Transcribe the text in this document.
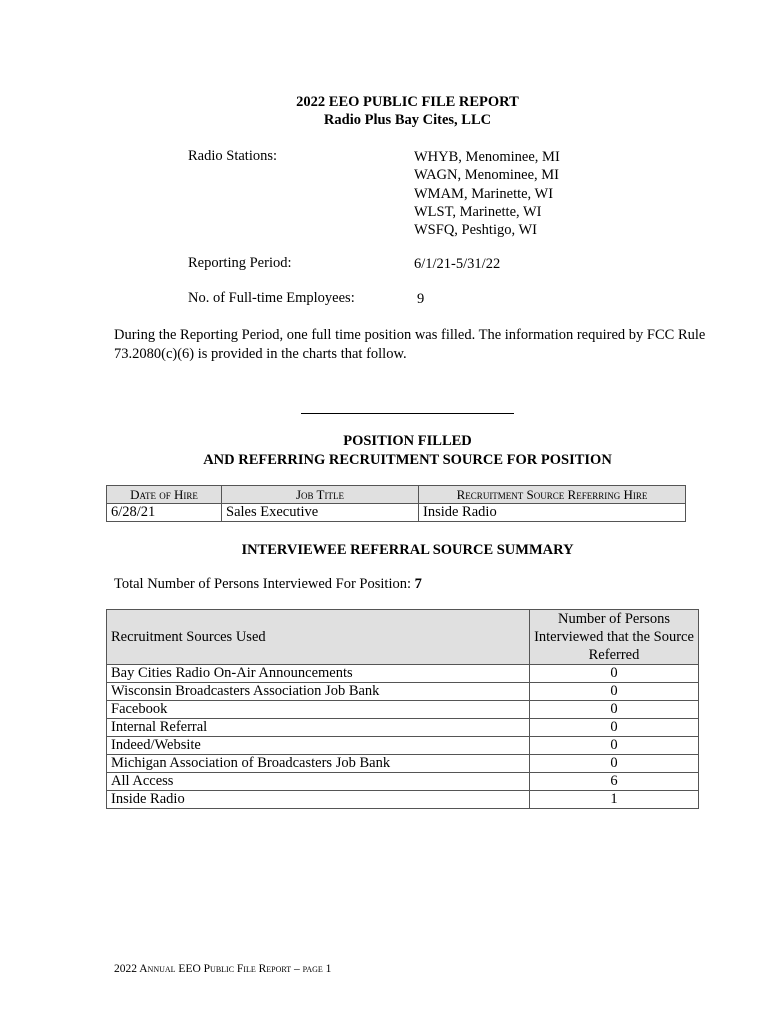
2022 EEO PUBLIC FILE REPORT
Radio Plus Bay Cites, LLC
Radio Stations:	WHYB, Menominee, MI
WAGN, Menominee, MI
WMAM, Marinette, WI
WLST, Marinette, WI
WSFQ, Peshtigo, WI
Reporting Period:	6/1/21-5/31/22
No. of Full-time Employees:	9
During the Reporting Period, one full time position was filled. The information required by FCC Rule 73.2080(c)(6) is provided in the charts that follow.
POSITION FILLED
AND REFERRING RECRUITMENT SOURCE FOR POSITION
Date of Hire	Job Title	Recruitment Source Referring Hire
6/28/21	Sales Executive	Inside Radio
INTERVIEWEE REFERRAL SOURCE SUMMARY
Total Number of Persons Interviewed For Position: 7
Recruitment Sources Used	Number of Persons Interviewed that the Source Referred
Bay Cities Radio On-Air Announcements	0
Wisconsin Broadcasters Association Job Bank	0
Facebook	0
Internal Referral	0
Indeed/Website	0
Michigan Association of Broadcasters Job Bank	0
All Access	6
Inside Radio	1
2022 Annual EEO Public File Report – page 1
